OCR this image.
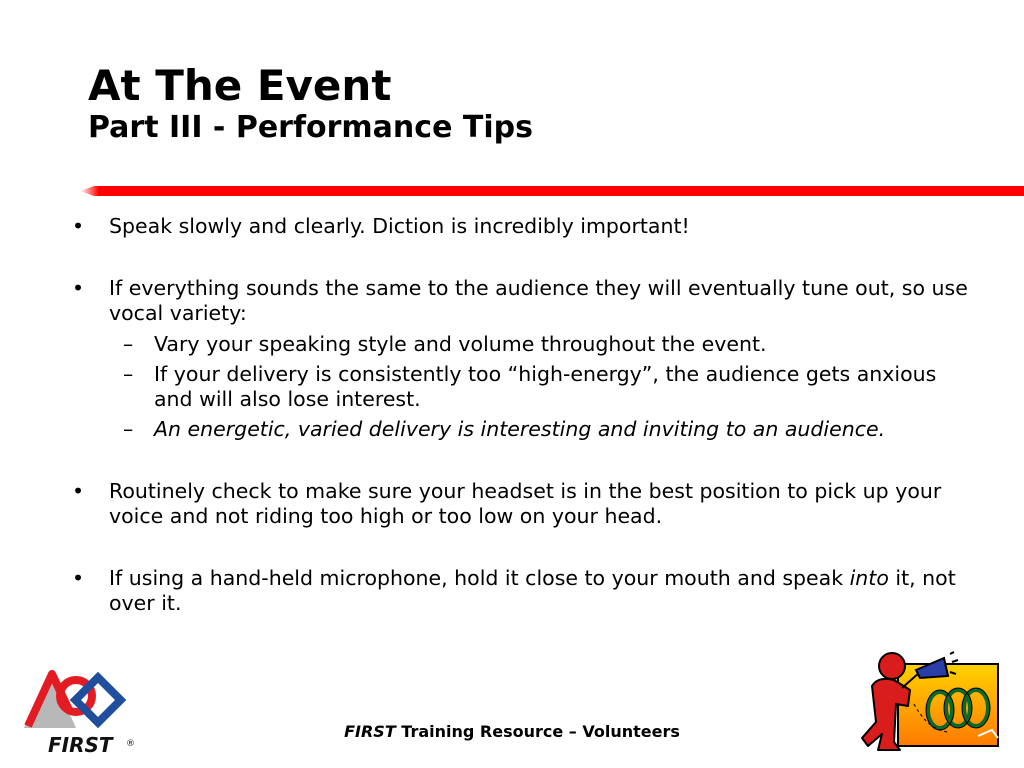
At The Event
Part III - Performance Tips
• Speak slowly and clearly. Diction is incredibly important!
• If everything sounds the same to the audience they will eventually tune out, so use vocal variety:
– Vary your speaking style and volume throughout the event.
– If your delivery is consistently too “high-energy”, the audience gets anxious and will also lose interest.
– An energetic, varied delivery is interesting and inviting to an audience.
• Routinely check to make sure your headset is in the best position to pick up your voice and not riding too high or too low on your head.
• If using a hand-held microphone, hold it close to your mouth and speak into it, not over it.
FIRST Training Resource – Volunteers
FIRST ®
